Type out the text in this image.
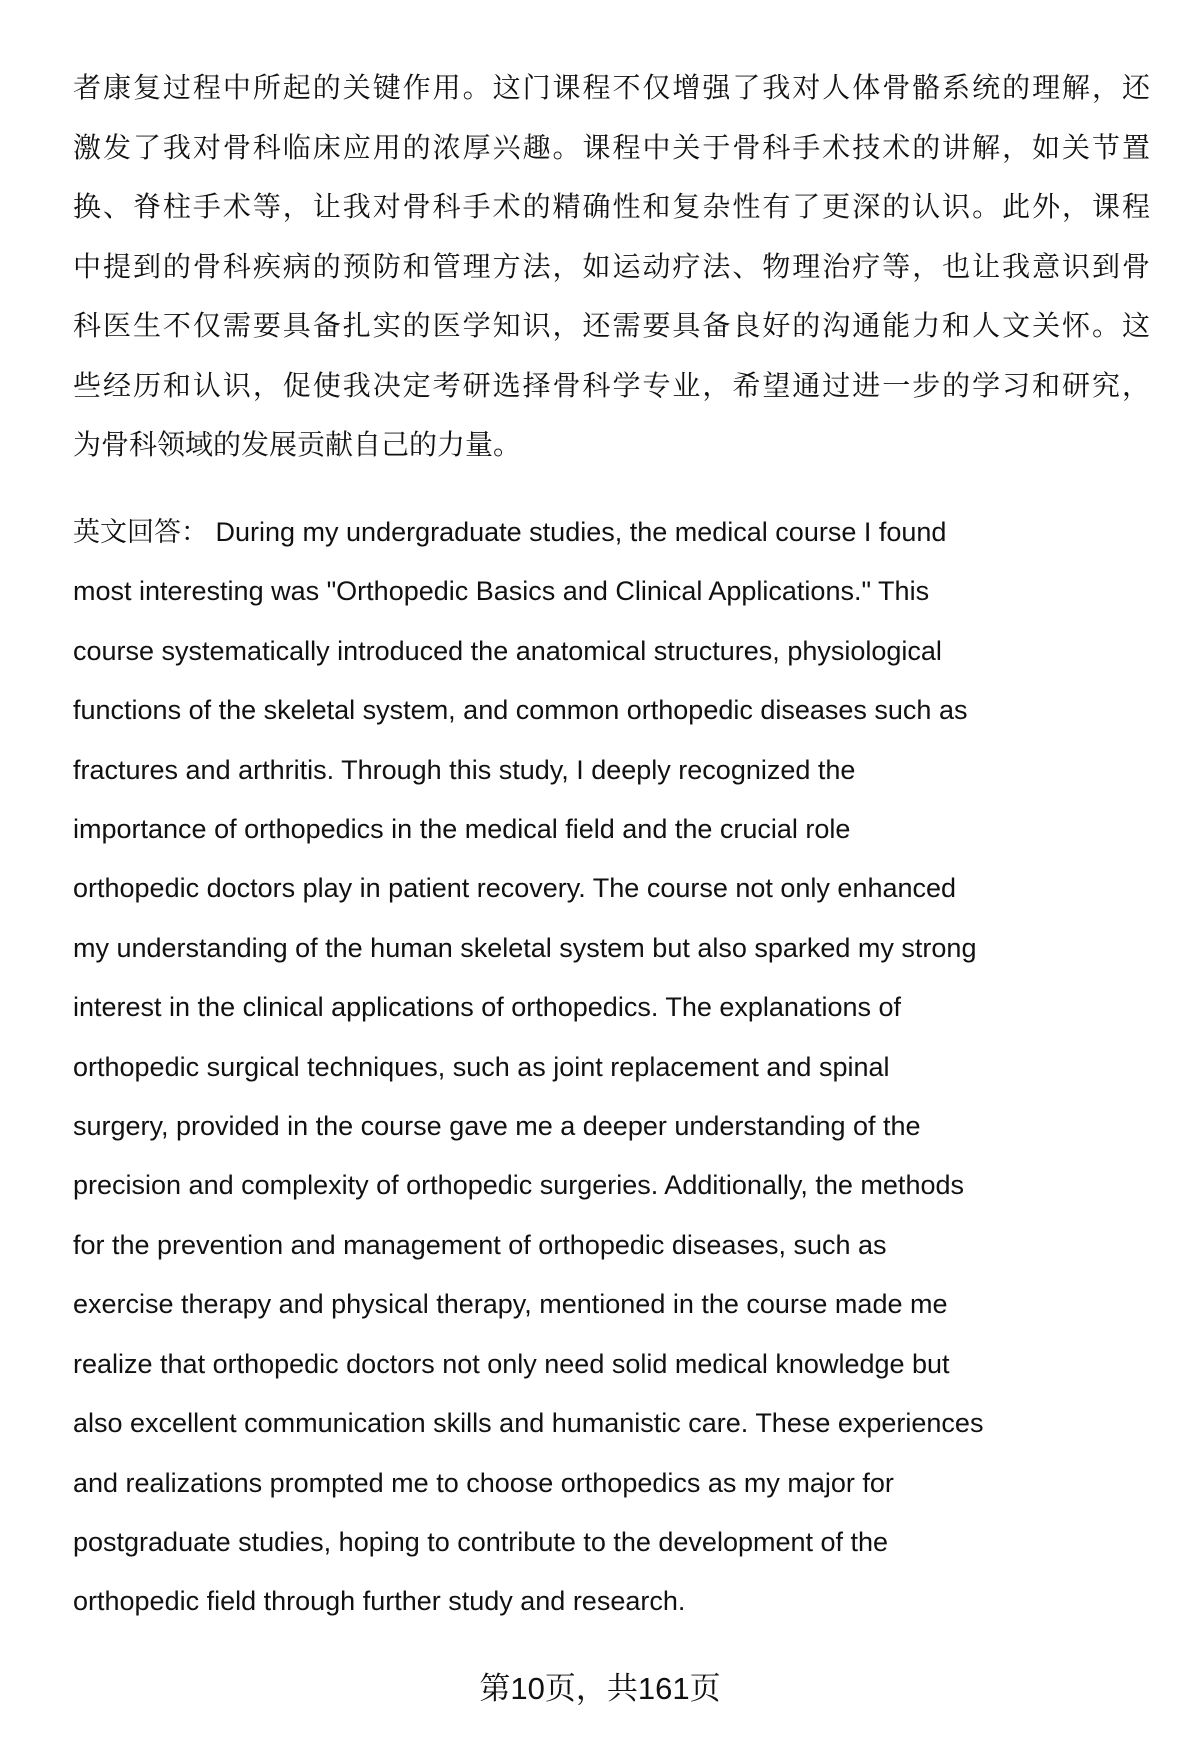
者康复过程中所起的关键作用。这门课程不仅增强了我对人体骨骼系统的理解，还
激发了我对骨科临床应用的浓厚兴趣。课程中关于骨科手术技术的讲解，如关节置
换、脊柱手术等，让我对骨科手术的精确性和复杂性有了更深的认识。此外，课程
中提到的骨科疾病的预防和管理方法，如运动疗法、物理治疗等，也让我意识到骨
科医生不仅需要具备扎实的医学知识，还需要具备良好的沟通能力和人文关怀。这
些经历和认识，促使我决定考研选择骨科学专业，希望通过进一步的学习和研究，
为骨科领域的发展贡献自己的力量。
英文回答： During my undergraduate studies, the medical course I found
most interesting was "Orthopedic Basics and Clinical Applications." This
course systematically introduced the anatomical structures, physiological
functions of the skeletal system, and common orthopedic diseases such as
fractures and arthritis. Through this study, I deeply recognized the
importance of orthopedics in the medical field and the crucial role
orthopedic doctors play in patient recovery. The course not only enhanced
my understanding of the human skeletal system but also sparked my strong
interest in the clinical applications of orthopedics. The explanations of
orthopedic surgical techniques, such as joint replacement and spinal
surgery, provided in the course gave me a deeper understanding of the
precision and complexity of orthopedic surgeries. Additionally, the methods
for the prevention and management of orthopedic diseases, such as
exercise therapy and physical therapy, mentioned in the course made me
realize that orthopedic doctors not only need solid medical knowledge but
also excellent communication skills and humanistic care. These experiences
and realizations prompted me to choose orthopedics as my major for
postgraduate studies, hoping to contribute to the development of the
orthopedic field through further study and research.
第10页，共161页
